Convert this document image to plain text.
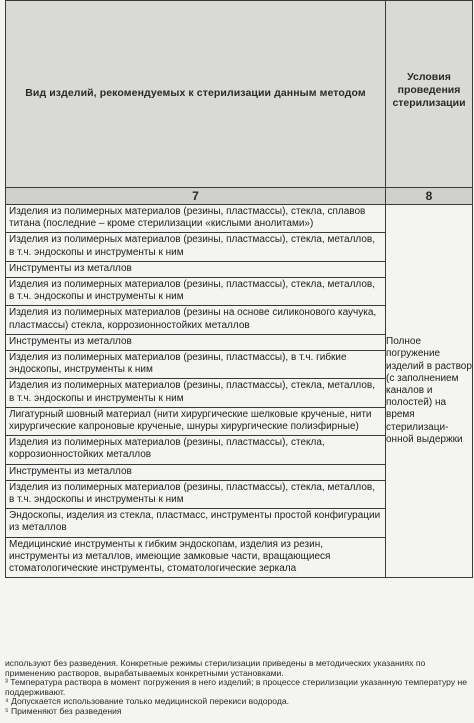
Вид изделий, рекомендуемых к стерилизации данным методом	Условия проведения стерилизации

7	8
Изделия из полимерных материалов (резины, пластмассы), стекла, сплавов титана (последние – кроме стерилизации «кислыми анолитами»)	Полное погружение изделий в раствор (с заполнением каналов и полостей) на время стерилизаци-онной выдержки
Изделия из полимерных материалов (резины, пластмассы), стекла, металлов, в т.ч. эндоскопы и инструменты к ним	
Инструменты из металлов	
Изделия из полимерных материалов (резины, пластмассы), стекла, металлов, в т.ч. эндоскопы и инструменты к ним	
Изделия из полимерных материалов (резины на основе силиконового каучука, пластмассы) стекла, коррозионностойких металлов	
Инструменты из металлов	
Изделия из полимерных материалов (резины, пластмассы), в т.ч. гибкие эндоскопы, инструменты к ним	
Изделия из полимерных материалов (резины, пластмассы), стекла, металлов, в т.ч. эндоскопы и инструменты к ним	
Лигатурный шовный материал (нити хирургические шелковые крученые, нити хирургические капроновые крученые, шнуры хирургические полиэфирные)	
Изделия из полимерных материалов (резины, пластмассы), стекла, коррозионностойких металлов	
Инструменты из металлов	
Изделия из полимерных материалов (резины, пластмассы), стекла, металлов, в т.ч. эндоскопы и инструменты к ним	
Эндоскопы, изделия из стекла, пластмасс, инструменты простой конфигурации из металлов	
Медицинские инструменты к гибким эндоскопам, изделия из резин, инструменты из металлов, имеющие замковые части, вращающиеся стоматологические инструменты, стоматологические зеркала	

используют без разведения. Конкретные режимы стерилизации приведены в методических указаниях по применению растворов, вырабатываемых конкретными установками.

³ Температура раствора в момент погружения в него изделий; в процессе стерилизации указанную температуру не поддерживают.

⁴ Допускается использование только медицинской перекиси водорода.

⁵ Применяют без разведения
